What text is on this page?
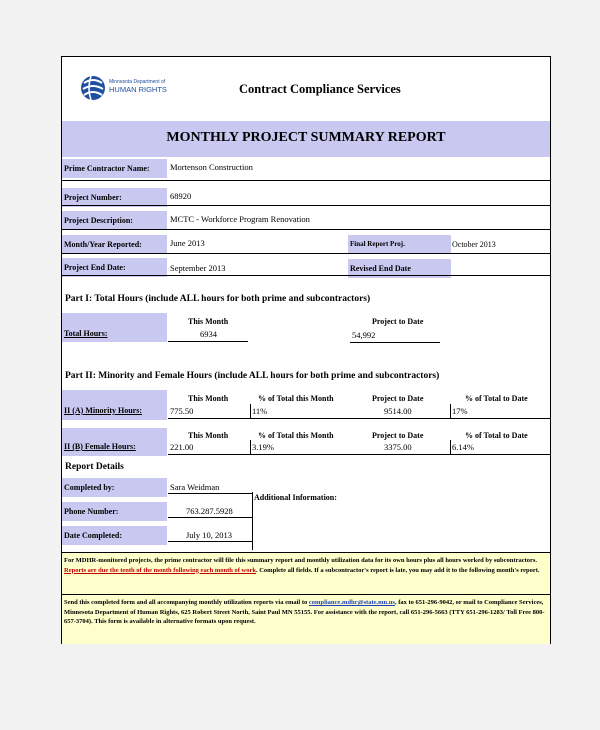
Minnesota Department of
HUMAN RIGHTS	Contract Compliance Services
MONTHLY PROJECT SUMMARY REPORT
Prime Contractor Name:	Mortenson Construction
Project Number:	68920
Project Description:	MCTC - Workforce Program Renovation
Month/Year Reported:	June 2013	Final Report Proj.	October 2013
Project End Date:	September 2013	Revised End Date
Part I: Total Hours (include ALL hours for both prime and subcontractors)
This Month	Project to Date
Total Hours:	6934	54,992
Part II: Minority and Female Hours (include ALL hours for both prime and subcontractors)
This Month	% of Total this Month	Project to Date	% of Total to Date
II (A) Minority Hours:	775.50	11%	9514.00	17%
This Month	% of Total this Month	Project to Date	% of Total to Date
II (B) Female Hours:	221.00	3.19%	3375.00	6.14%
Report Details
Completed by:	Sara Weidman
Phone Number:	763.287.5928
Date Completed:	July 10, 2013
Additional Information:
For MDHR-monitored projects, the prime contractor will file this summary report and monthly utilization data for its own hours plus all hours worked by subcontractors. Reports are due the tenth of the month following each month of work. Complete all fields. If a subcontractor's report is late, you may add it to the following month's report.
Send this completed form and all accompanying monthly utilization reports via email to compliance.mdhr@state.mn.us, fax to 651-296-9042, or mail to Compliance Services, Minnesota Department of Human Rights, 625 Robert Street North, Saint Paul MN 55155. For assistance with the report, call 651-296-5663 (TTY 651-296-1283/ Toll Free 800-657-3704). This form is available in alternative formats upon request.
